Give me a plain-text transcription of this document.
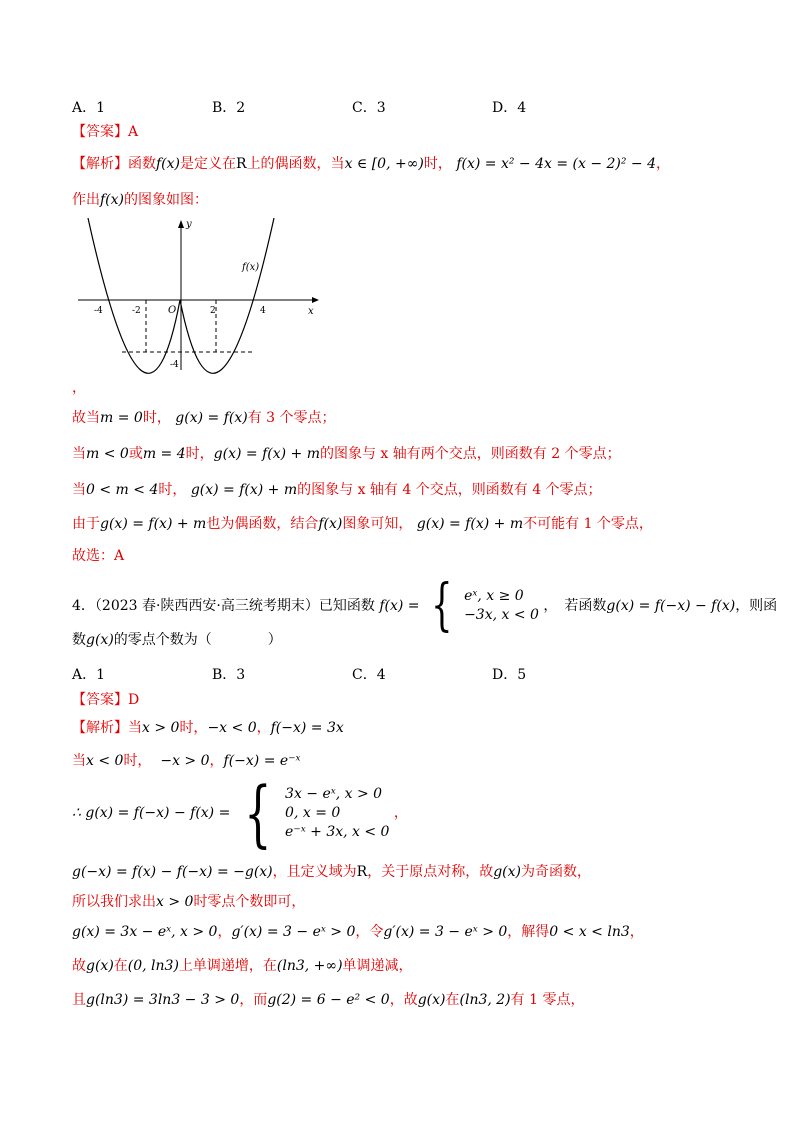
A．1	B．2	C．3	D．4
【答案】A
【解析】函数f(x)是定义在R上的偶函数，当x ∈ [0, +∞)时， f(x) = x² − 4x = (x − 2)² − 4，
作出f(x)的图象如图：
y
x
f(x)
O
-4	-2	2	4
-4
，
故当m = 0时， g(x) = f(x)有 3 个零点；
当m < 0或m = 4时，g(x) = f(x) + m的图象与 x 轴有两个交点，则函数有 2 个零点；
当0 < m < 4时， g(x) = f(x) + m的图象与 x 轴有 4 个交点，则函数有 4 个零点；
由于g(x) = f(x) + m也为偶函数，结合f(x)图象可知， g(x) = f(x) + m不可能有 1 个零点，
故选：A
4．（2023 春·陕西西安·高三统考期末）已知函数 f(x) = { eˣ, x ≥ 0
−3x, x < 0 ，　若函数g(x) = f(−x) − f(x)，则函
数g(x)的零点个数为（　　　　）
A．1	B．3	C．4	D．5
【答案】D
【解析】当x > 0时，−x < 0，f(−x) = 3x
当x < 0时， −x > 0，f(−x) = e⁻ˣ
∴ g(x) = f(−x) − f(x) = { 3x − eˣ, x > 0
0, x = 0
e⁻ˣ + 3x, x < 0 ，
g(−x) = f(x) − f(−x) = −g(x)，且定义域为R，关于原点对称，故g(x)为奇函数，
所以我们求出x > 0时零点个数即可，
g(x) = 3x − eˣ, x > 0，g′(x) = 3 − eˣ > 0，令g′(x) = 3 − eˣ > 0，解得0 < x < ln3，
故g(x)在(0, ln3)上单调递增，在(ln3, +∞)单调递减，
且g(ln3) = 3ln3 − 3 > 0，而g(2) = 6 − e² < 0，故g(x)在(ln3, 2)有 1 零点，
